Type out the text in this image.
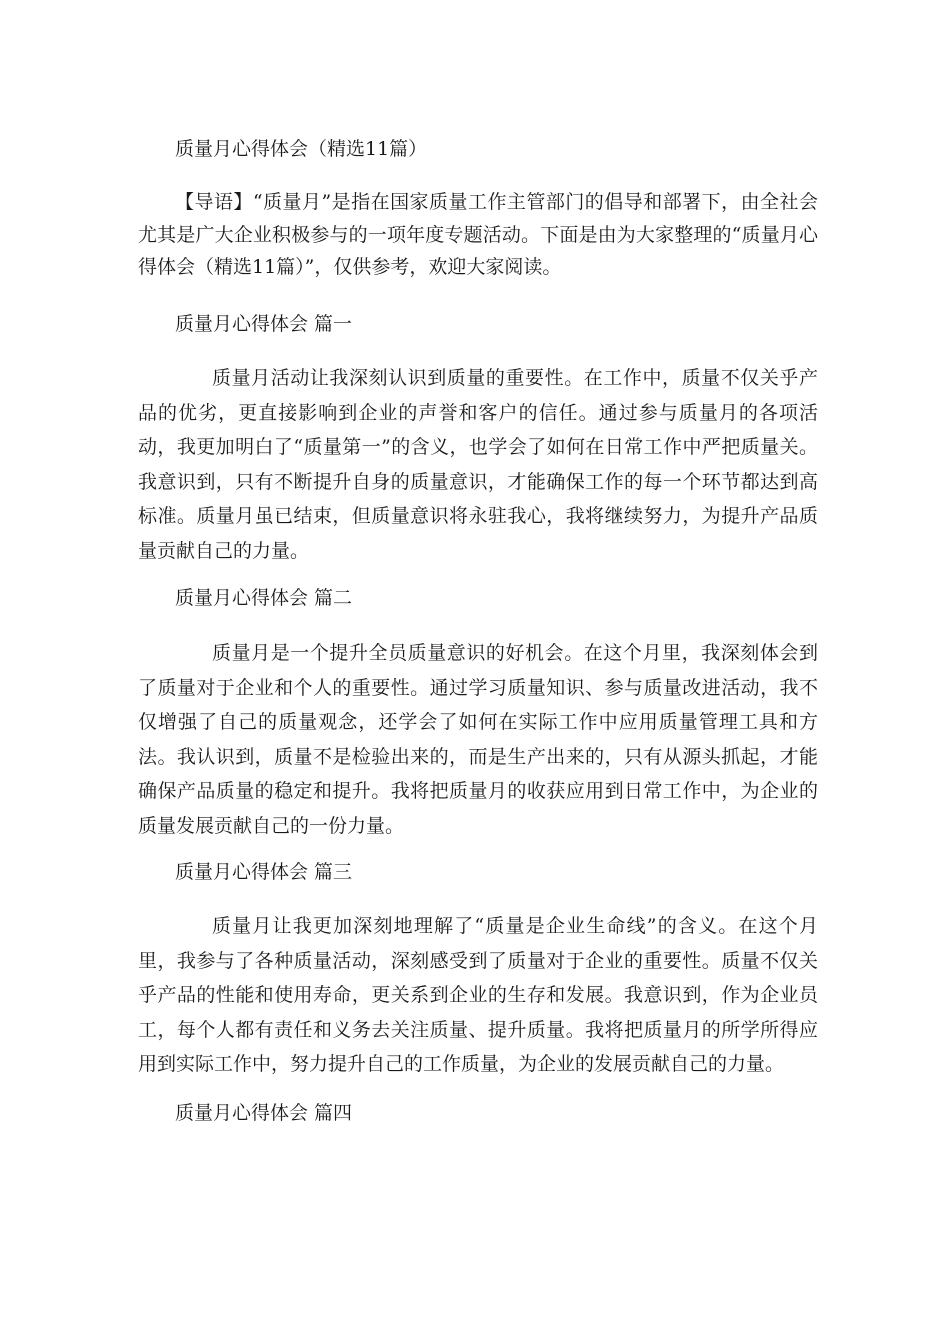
质量月心得体会（精选11篇）

【导语】“质量月”是指在国家质量工作主管部门的倡导和部署下，由全社会尤其是广大企业积极参与的一项年度专题活动。下面是由为大家整理的“质量月心得体会（精选11篇）”，仅供参考，欢迎大家阅读。

质量月心得体会 篇一

质量月活动让我深刻认识到质量的重要性。在工作中，质量不仅关乎产品的优劣，更直接影响到企业的声誉和客户的信任。通过参与质量月的各项活动，我更加明白了“质量第一”的含义，也学会了如何在日常工作中严把质量关。我意识到，只有不断提升自身的质量意识，才能确保工作的每一个环节都达到高标准。质量月虽已结束，但质量意识将永驻我心，我将继续努力，为提升产品质量贡献自己的力量。

质量月心得体会 篇二

质量月是一个提升全员质量意识的好机会。在这个月里，我深刻体会到了质量对于企业和个人的重要性。通过学习质量知识、参与质量改进活动，我不仅增强了自己的质量观念，还学会了如何在实际工作中应用质量管理工具和方法。我认识到，质量不是检验出来的，而是生产出来的，只有从源头抓起，才能确保产品质量的稳定和提升。我将把质量月的收获应用到日常工作中，为企业的质量发展贡献自己的一份力量。

质量月心得体会 篇三

质量月让我更加深刻地理解了“质量是企业生命线”的含义。在这个月里，我参与了各种质量活动，深刻感受到了质量对于企业的重要性。质量不仅关乎产品的性能和使用寿命，更关系到企业的生存和发展。我意识到，作为企业员工，每个人都有责任和义务去关注质量、提升质量。我将把质量月的所学所得应用到实际工作中，努力提升自己的工作质量，为企业的发展贡献自己的力量。

质量月心得体会 篇四
